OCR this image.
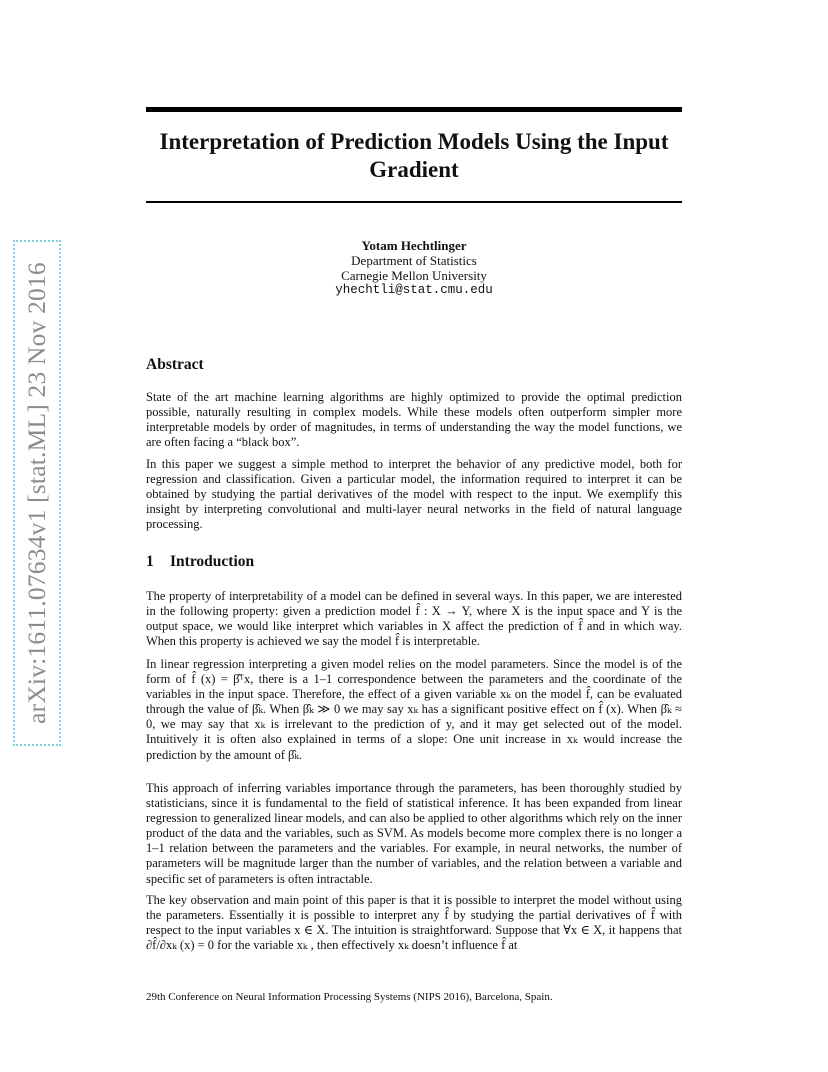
arXiv:1611.07634v1 [stat.ML] 23 Nov 2016
Interpretation of Prediction Models Using the Input Gradient
Yotam Hechtlinger
Department of Statistics
Carnegie Mellon University
yhechtli@stat.cmu.edu
Abstract

State of the art machine learning algorithms are highly optimized to provide the optimal prediction possible, naturally resulting in complex models. While these models often outperform simpler more interpretable models by order of magnitudes, in terms of understanding the way the model functions, we are often facing a “black box”.

In this paper we suggest a simple method to interpret the behavior of any predictive model, both for regression and classification. Given a particular model, the information required to interpret it can be obtained by studying the partial derivatives of the model with respect to the input. We exemplify this insight by interpreting convolutional and multi-layer neural networks in the field of natural language processing.

1 Introduction

The property of interpretability of a model can be defined in several ways. In this paper, we are interested in the following property: given a prediction model f̂ : X → Y, where X is the input space and Y is the output space, we would like interpret which variables in X affect the prediction of f̂ and in which way. When this property is achieved we say the model f̂ is interpretable.

In linear regression interpreting a given model relies on the model parameters. Since the model is of the form of f̂ (x) = β̂ᵀx, there is a 1–1 correspondence between the parameters and the coordinate of the variables in the input space. Therefore, the effect of a given variable xₖ on the model f̂, can be evaluated through the value of β̂ₖ. When β̂ₖ ≫ 0 we may say xₖ has a significant positive effect on f̂ (x). When β̂ₖ ≈ 0, we may say that xₖ is irrelevant to the prediction of y, and it may get selected out of the model. Intuitively it is often also explained in terms of a slope: One unit increase in xₖ would increase the prediction by the amount of β̂ₖ.

This approach of inferring variables importance through the parameters, has been thoroughly studied by statisticians, since it is fundamental to the field of statistical inference. It has been expanded from linear regression to generalized linear models, and can also be applied to other algorithms which rely on the inner product of the data and the variables, such as SVM. As models become more complex there is no longer a 1–1 relation between the parameters and the variables. For example, in neural networks, the number of parameters will be magnitude larger than the number of variables, and the relation between a variable and specific set of parameters is often intractable.

The key observation and main point of this paper is that it is possible to interpret the model without using the parameters. Essentially it is possible to interpret any f̂ by studying the partial derivatives of f̂ with respect to the input variables x ∈ X. The intuition is straightforward. Suppose that ∀x ∈ X, it happens that ∂f̂/∂xₖ (x) = 0 for the variable xₖ , then effectively xₖ doesn’t influence f̂ at

29th Conference on Neural Information Processing Systems (NIPS 2016), Barcelona, Spain.
